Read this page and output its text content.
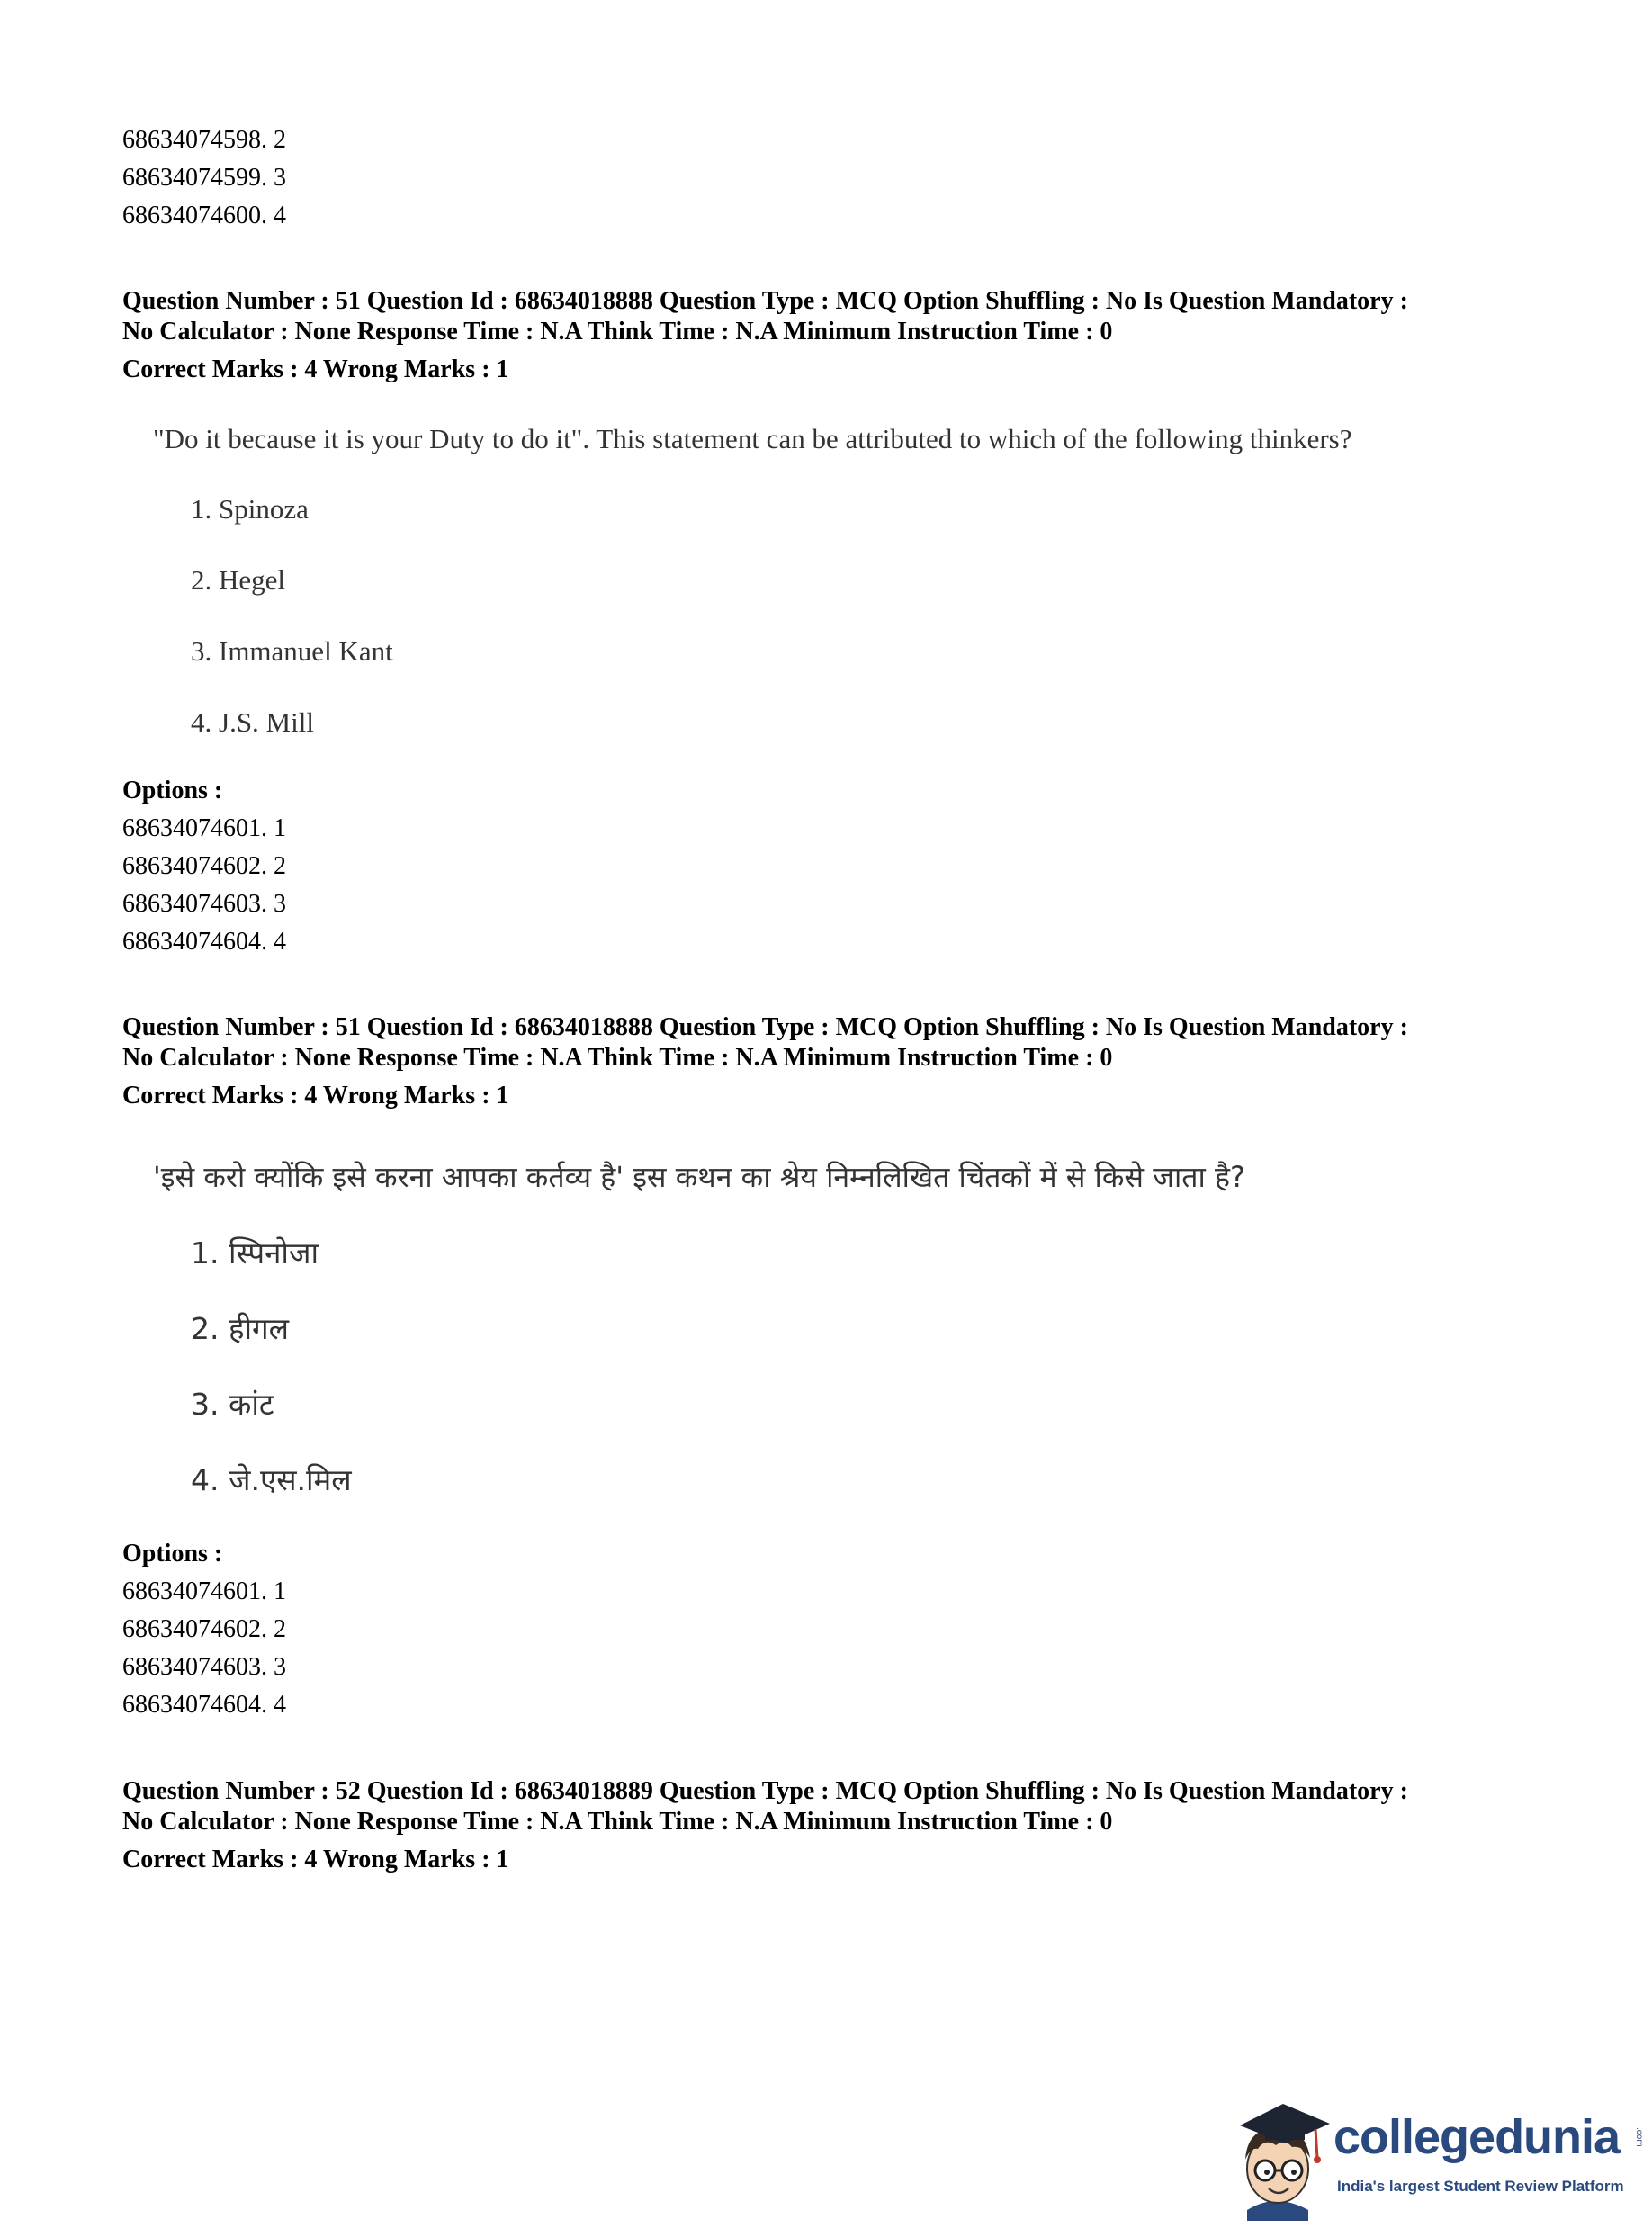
68634074598. 2
68634074599. 3
68634074600. 4
Question Number : 51 Question Id : 68634018888 Question Type : MCQ Option Shuffling : No Is Question Mandatory :
No Calculator : None Response Time : N.A Think Time : N.A Minimum Instruction Time : 0
Correct Marks : 4 Wrong Marks : 1
"Do it because it is your Duty to do it". This statement can be attributed to which of the following thinkers?
1. Spinoza
2. Hegel
3. Immanuel Kant
4. J.S. Mill
Options :
68634074601. 1
68634074602. 2
68634074603. 3
68634074604. 4
Question Number : 51 Question Id : 68634018888 Question Type : MCQ Option Shuffling : No Is Question Mandatory :
No Calculator : None Response Time : N.A Think Time : N.A Minimum Instruction Time : 0
Correct Marks : 4 Wrong Marks : 1
'इसे करो क्योंकि इसे करना आपका कर्तव्य है' इस कथन का श्रेय निम्नलिखित चिंतकों में से किसे जाता है?
1. स्पिनोजा
2. हीगल
3. कांट
4. जे.एस.मिल
Options :
68634074601. 1
68634074602. 2
68634074603. 3
68634074604. 4
Question Number : 52 Question Id : 68634018889 Question Type : MCQ Option Shuffling : No Is Question Mandatory :
No Calculator : None Response Time : N.A Think Time : N.A Minimum Instruction Time : 0
Correct Marks : 4 Wrong Marks : 1
collegedunia .com
India's largest Student Review Platform
